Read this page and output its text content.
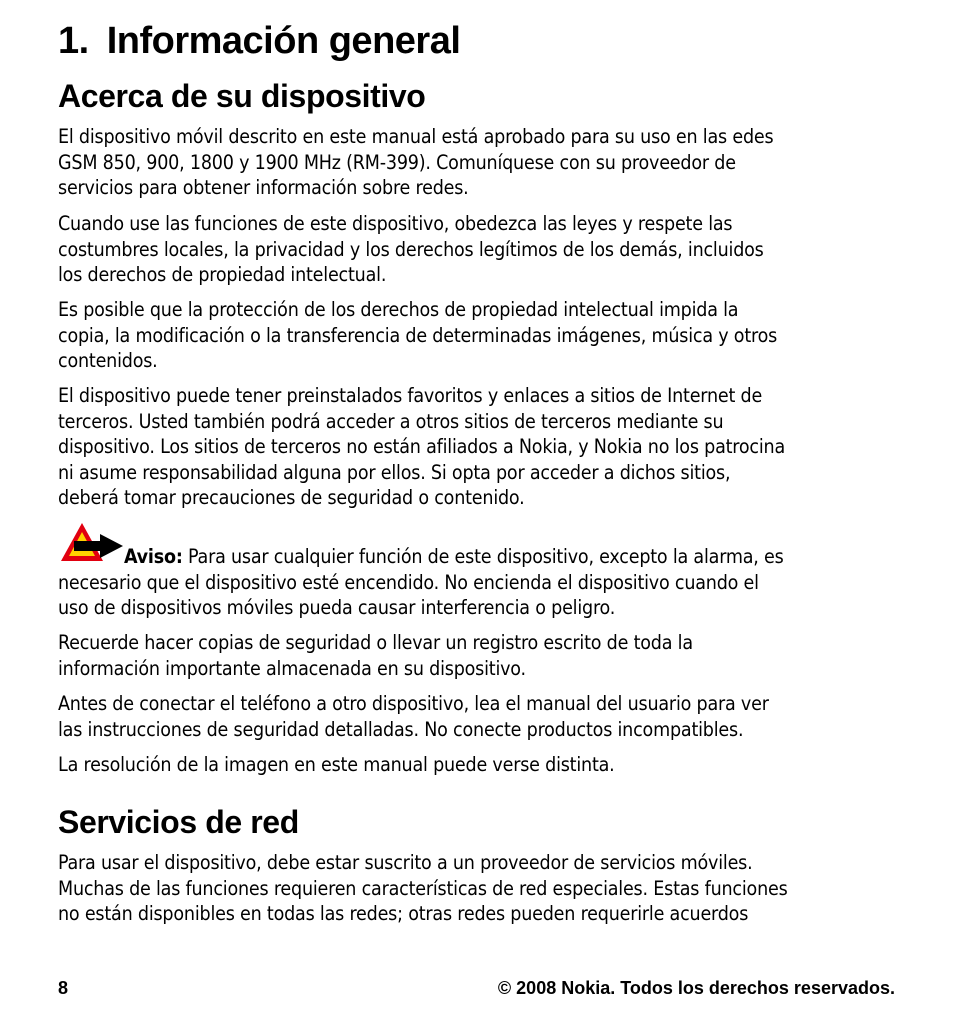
1. Información general
Acerca de su dispositivo

El dispositivo móvil descrito en este manual está aprobado para su uso en las edes
GSM 850, 900, 1800 y 1900 MHz (RM-399). Comuníquese con su proveedor de
servicios para obtener información sobre redes.

Cuando use las funciones de este dispositivo, obedezca las leyes y respete las
costumbres locales, la privacidad y los derechos legítimos de los demás, incluidos
los derechos de propiedad intelectual.

Es posible que la protección de los derechos de propiedad intelectual impida la
copia, la modificación o la transferencia de determinadas imágenes, música y otros
contenidos.

El dispositivo puede tener preinstalados favoritos y enlaces a sitios de Internet de
terceros. Usted también podrá acceder a otros sitios de terceros mediante su
dispositivo. Los sitios de terceros no están afiliados a Nokia, y Nokia no los patrocina
ni asume responsabilidad alguna por ellos. Si opta por acceder a dichos sitios,
deberá tomar precauciones de seguridad o contenido.

Aviso: Para usar cualquier función de este dispositivo, excepto la alarma, es
necesario que el dispositivo esté encendido. No encienda el dispositivo cuando el
uso de dispositivos móviles pueda causar interferencia o peligro.

Recuerde hacer copias de seguridad o llevar un registro escrito de toda la
información importante almacenada en su dispositivo.

Antes de conectar el teléfono a otro dispositivo, lea el manual del usuario para ver
las instrucciones de seguridad detalladas. No conecte productos incompatibles.

La resolución de la imagen en este manual puede verse distinta.

Servicios de red

Para usar el dispositivo, debe estar suscrito a un proveedor de servicios móviles.
Muchas de las funciones requieren características de red especiales. Estas funciones
no están disponibles en todas las redes; otras redes pueden requerirle acuerdos

8	© 2008 Nokia. Todos los derechos reservados.
